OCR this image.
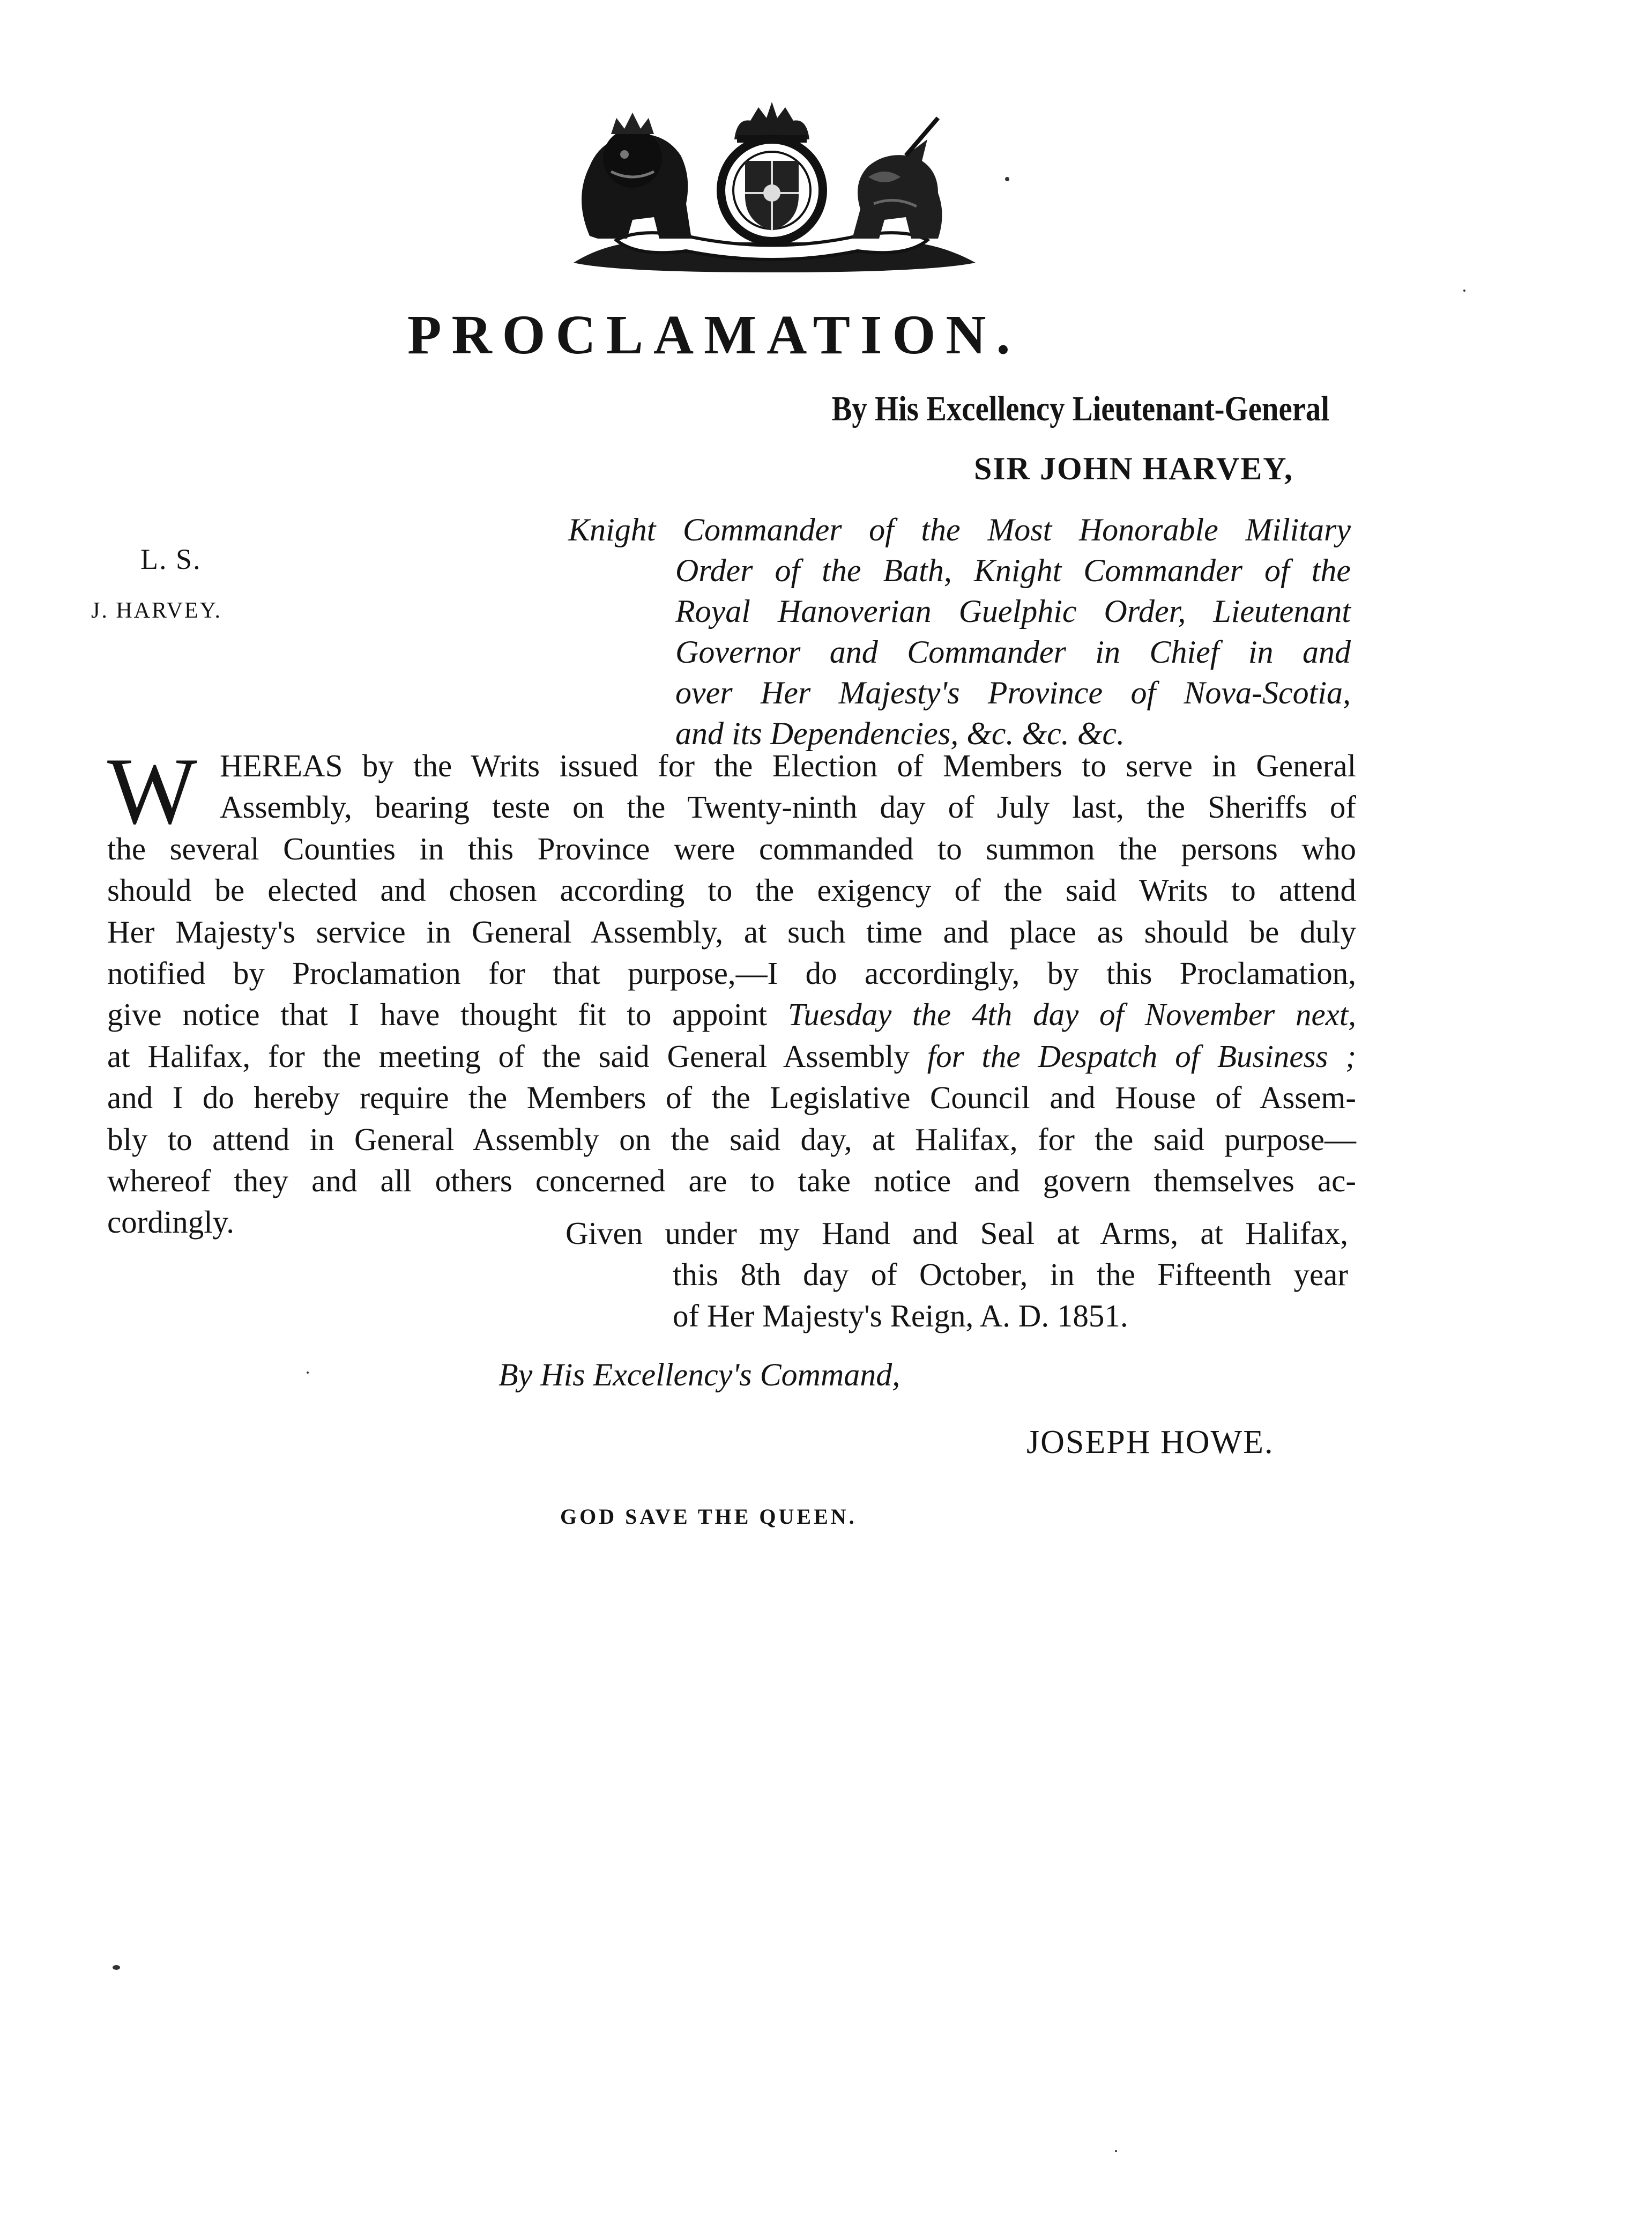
PROCLAMATION.
By His Excellency Lieutenant-General
SIR JOHN HARVEY,
Knight Commander of the Most Honorable Military
Order of the Bath, Knight Commander of the
Royal Hanoverian Guelphic Order, Lieutenant
Governor and Commander in Chief in and
over Her Majesty's Province of Nova-Scotia,
and its Dependencies, &c. &c. &c.
L. S.
J. HARVEY.
W HEREAS by the Writs issued for the Election of Members to serve in General
Assembly, bearing teste on the Twenty-ninth day of July last, the Sheriffs of
the several Counties in this Province were commanded to summon the persons who
should be elected and chosen according to the exigency of the said Writs to attend
Her Majesty's service in General Assembly, at such time and place as should be duly
notified by Proclamation for that purpose,—I do accordingly, by this Proclamation,
give notice that I have thought fit to appoint Tuesday the 4th day of November next,
at Halifax, for the meeting of the said General Assembly for the Despatch of Business ;
and I do hereby require the Members of the Legislative Council and House of Assem-
bly to attend in General Assembly on the said day, at Halifax, for the said purpose—
whereof they and all others concerned are to take notice and govern themselves ac-
cordingly.	Given under my Hand and Seal at Arms, at Halifax,
this 8th day of October, in the Fifteenth year
of Her Majesty's Reign, A. D. 1851.
By His Excellency's Command,
JOSEPH HOWE.
GOD SAVE THE QUEEN.
